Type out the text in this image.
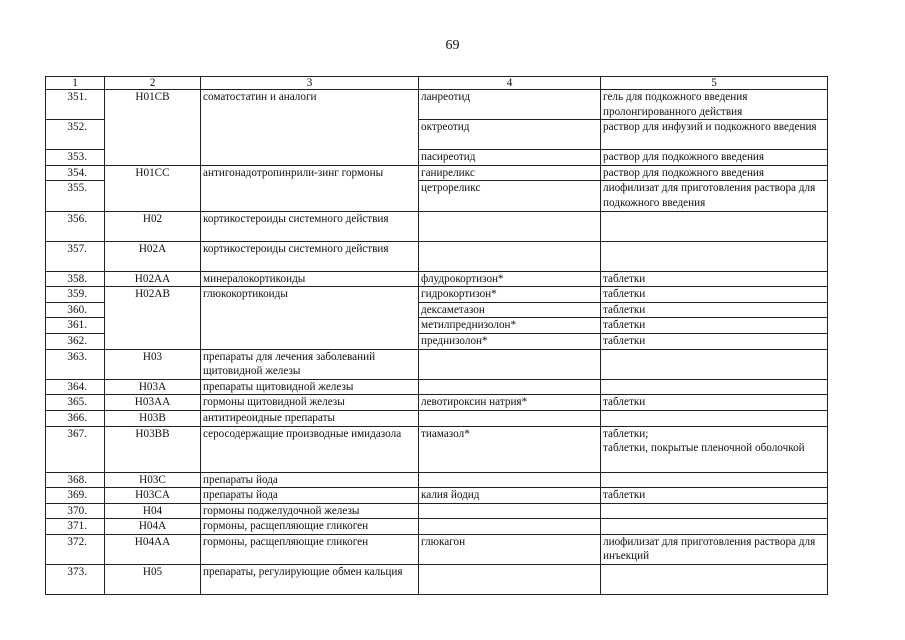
69
1	2	3	4	5
351.	H01CB	соматостатин и аналоги	ланреотид	гель для подкожного введения пролонгированного действия
352.			октреотид	раствор для инфузий и подкожного введения
353.			пасиреотид	раствор для подкожного введения
354.	H01CC	антигонадотропинрили-зинг гормоны	ганиреликс	раствор для подкожного введения
355.			цетрореликс	лиофилизат для приготовления раствора для подкожного введения
356.	H02	кортикостероиды системного действия		
357.	H02A	кортикостероиды системного действия		
358.	H02AA	минералокортикоиды	флудрокортизон*	таблетки
359.	H02AB	глюкокортикоиды	гидрокортизон*	таблетки
360.			дексаметазон	таблетки
361.			метилпреднизолон*	таблетки
362.			преднизолон*	таблетки
363.	H03	препараты для лечения заболеваний щитовидной железы		
364.	H03A	препараты щитовидной железы		
365.	H03AA	гормоны щитовидной железы	левотироксин натрия*	таблетки
366.	H03B	антитиреоидные препараты		
367.	H03BB	серосодержащие производные имидазола	тиамазол*	таблетки;
таблетки, покрытые пленочной оболочкой
368.	H03C	препараты йода		
369.	H03CA	препараты йода	калия йодид	таблетки
370.	H04	гормоны поджелудочной железы		
371.	H04A	гормоны, расщепляющие гликоген		
372.	H04AA	гормоны, расщепляющие гликоген	глюкагон	лиофилизат для приготовления раствора для инъекций
373.	H05	препараты, регулирующие обмен кальция		
